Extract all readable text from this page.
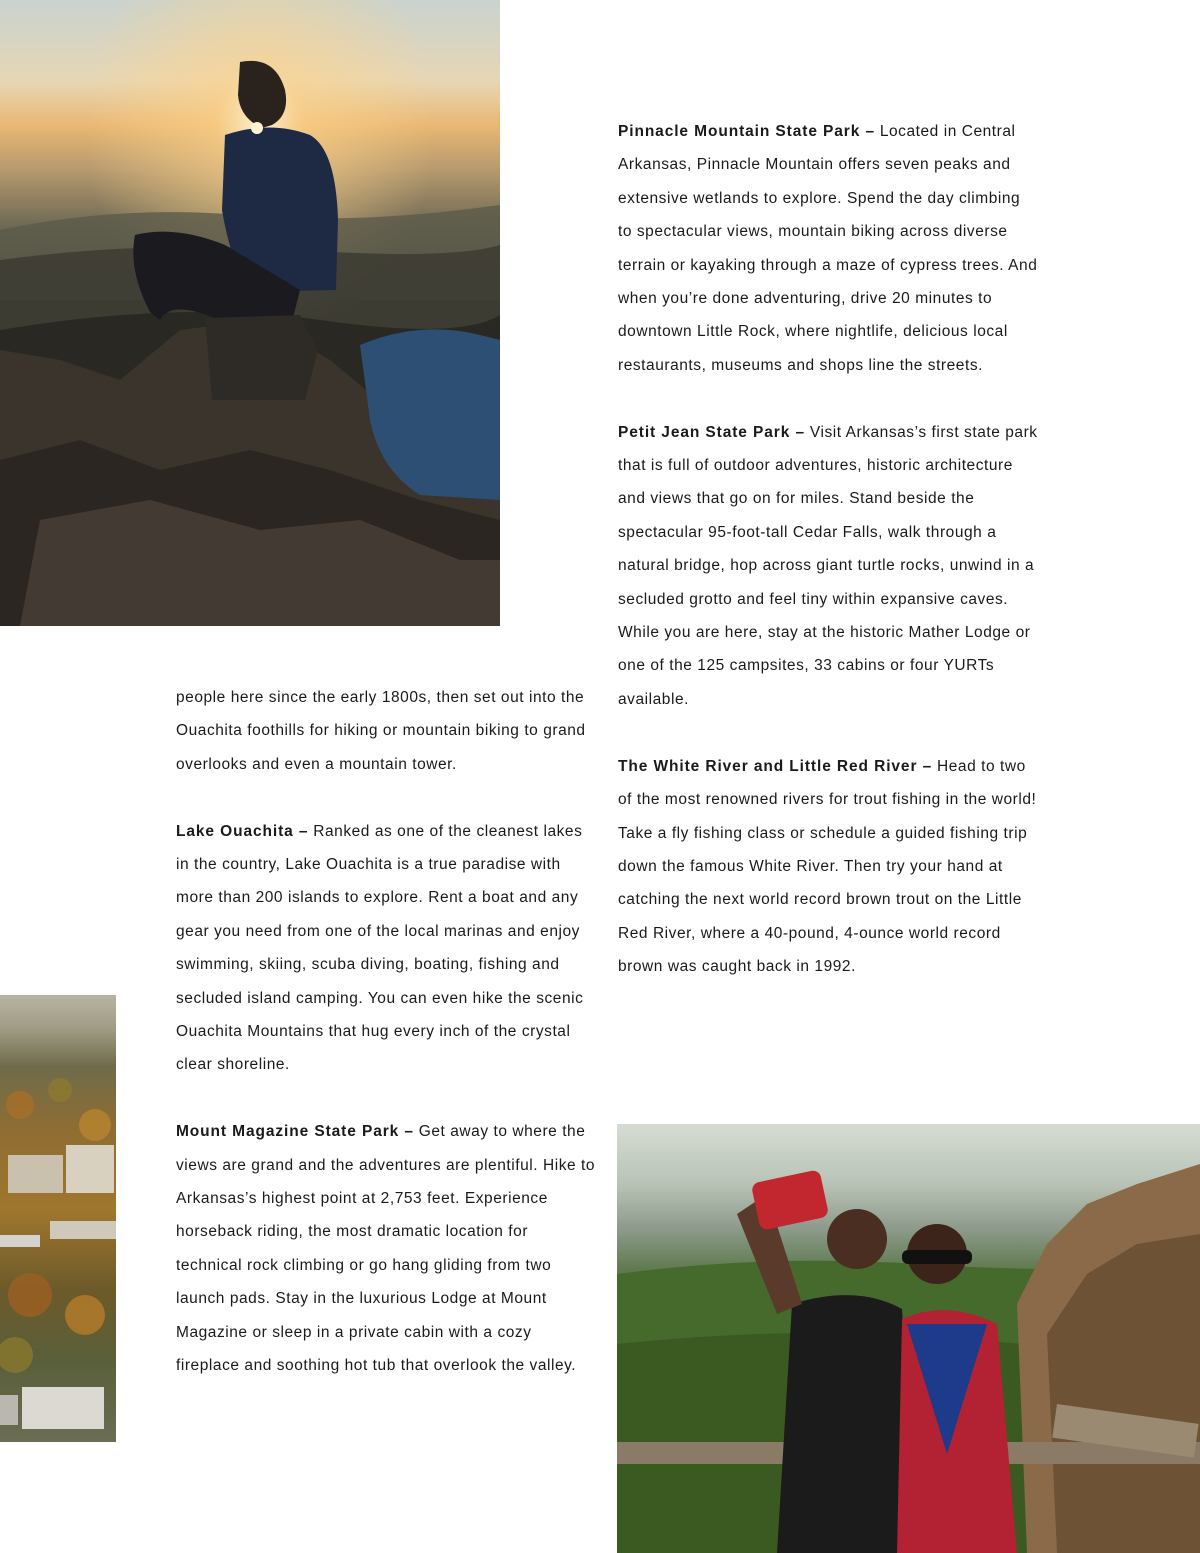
people here since the early 1800s, then set out into the Ouachita foothills for hiking or mountain biking to grand overlooks and even a mountain tower.

Lake Ouachita – Ranked as one of the cleanest lakes in the country, Lake Ouachita is a true paradise with more than 200 islands to explore. Rent a boat and any gear you need from one of the local marinas and enjoy swimming, skiing, scuba diving, boating, fishing and secluded island camping. You can even hike the scenic Ouachita Mountains that hug every inch of the crystal clear shoreline.

Mount Magazine State Park – Get away to where the views are grand and the adventures are plentiful. Hike to Arkansas’s highest point at 2,753 feet. Experience horseback riding, the most dramatic location for technical rock climbing or go hang gliding from two launch pads. Stay in the luxurious Lodge at Mount Magazine or sleep in a private cabin with a cozy fireplace and soothing hot tub that overlook the valley.

Pinnacle Mountain State Park – Located in Central Arkansas, Pinnacle Mountain offers seven peaks and extensive wetlands to explore. Spend the day climbing to spectacular views, mountain biking across diverse terrain or kayaking through a maze of cypress trees. And when you’re done adventuring, drive 20 minutes to downtown Little Rock, where nightlife, delicious local restaurants, museums and shops line the streets.

Petit Jean State Park – Visit Arkansas’s first state park that is full of outdoor adventures, historic architecture and views that go on for miles. Stand beside the spectacular 95-foot-tall Cedar Falls, walk through a natural bridge, hop across giant turtle rocks, unwind in a secluded grotto and feel tiny within expansive caves. While you are here, stay at the historic Mather Lodge or one of the 125 campsites, 33 cabins or four YURTs available.

The White River and Little Red River – Head to two of the most renowned rivers for trout fishing in the world! Take a fly fishing class or schedule a guided fishing trip down the famous White River. Then try your hand at catching the next world record brown trout on the Little Red River, where a 40-pound, 4-ounce world record brown was caught back in 1992.
